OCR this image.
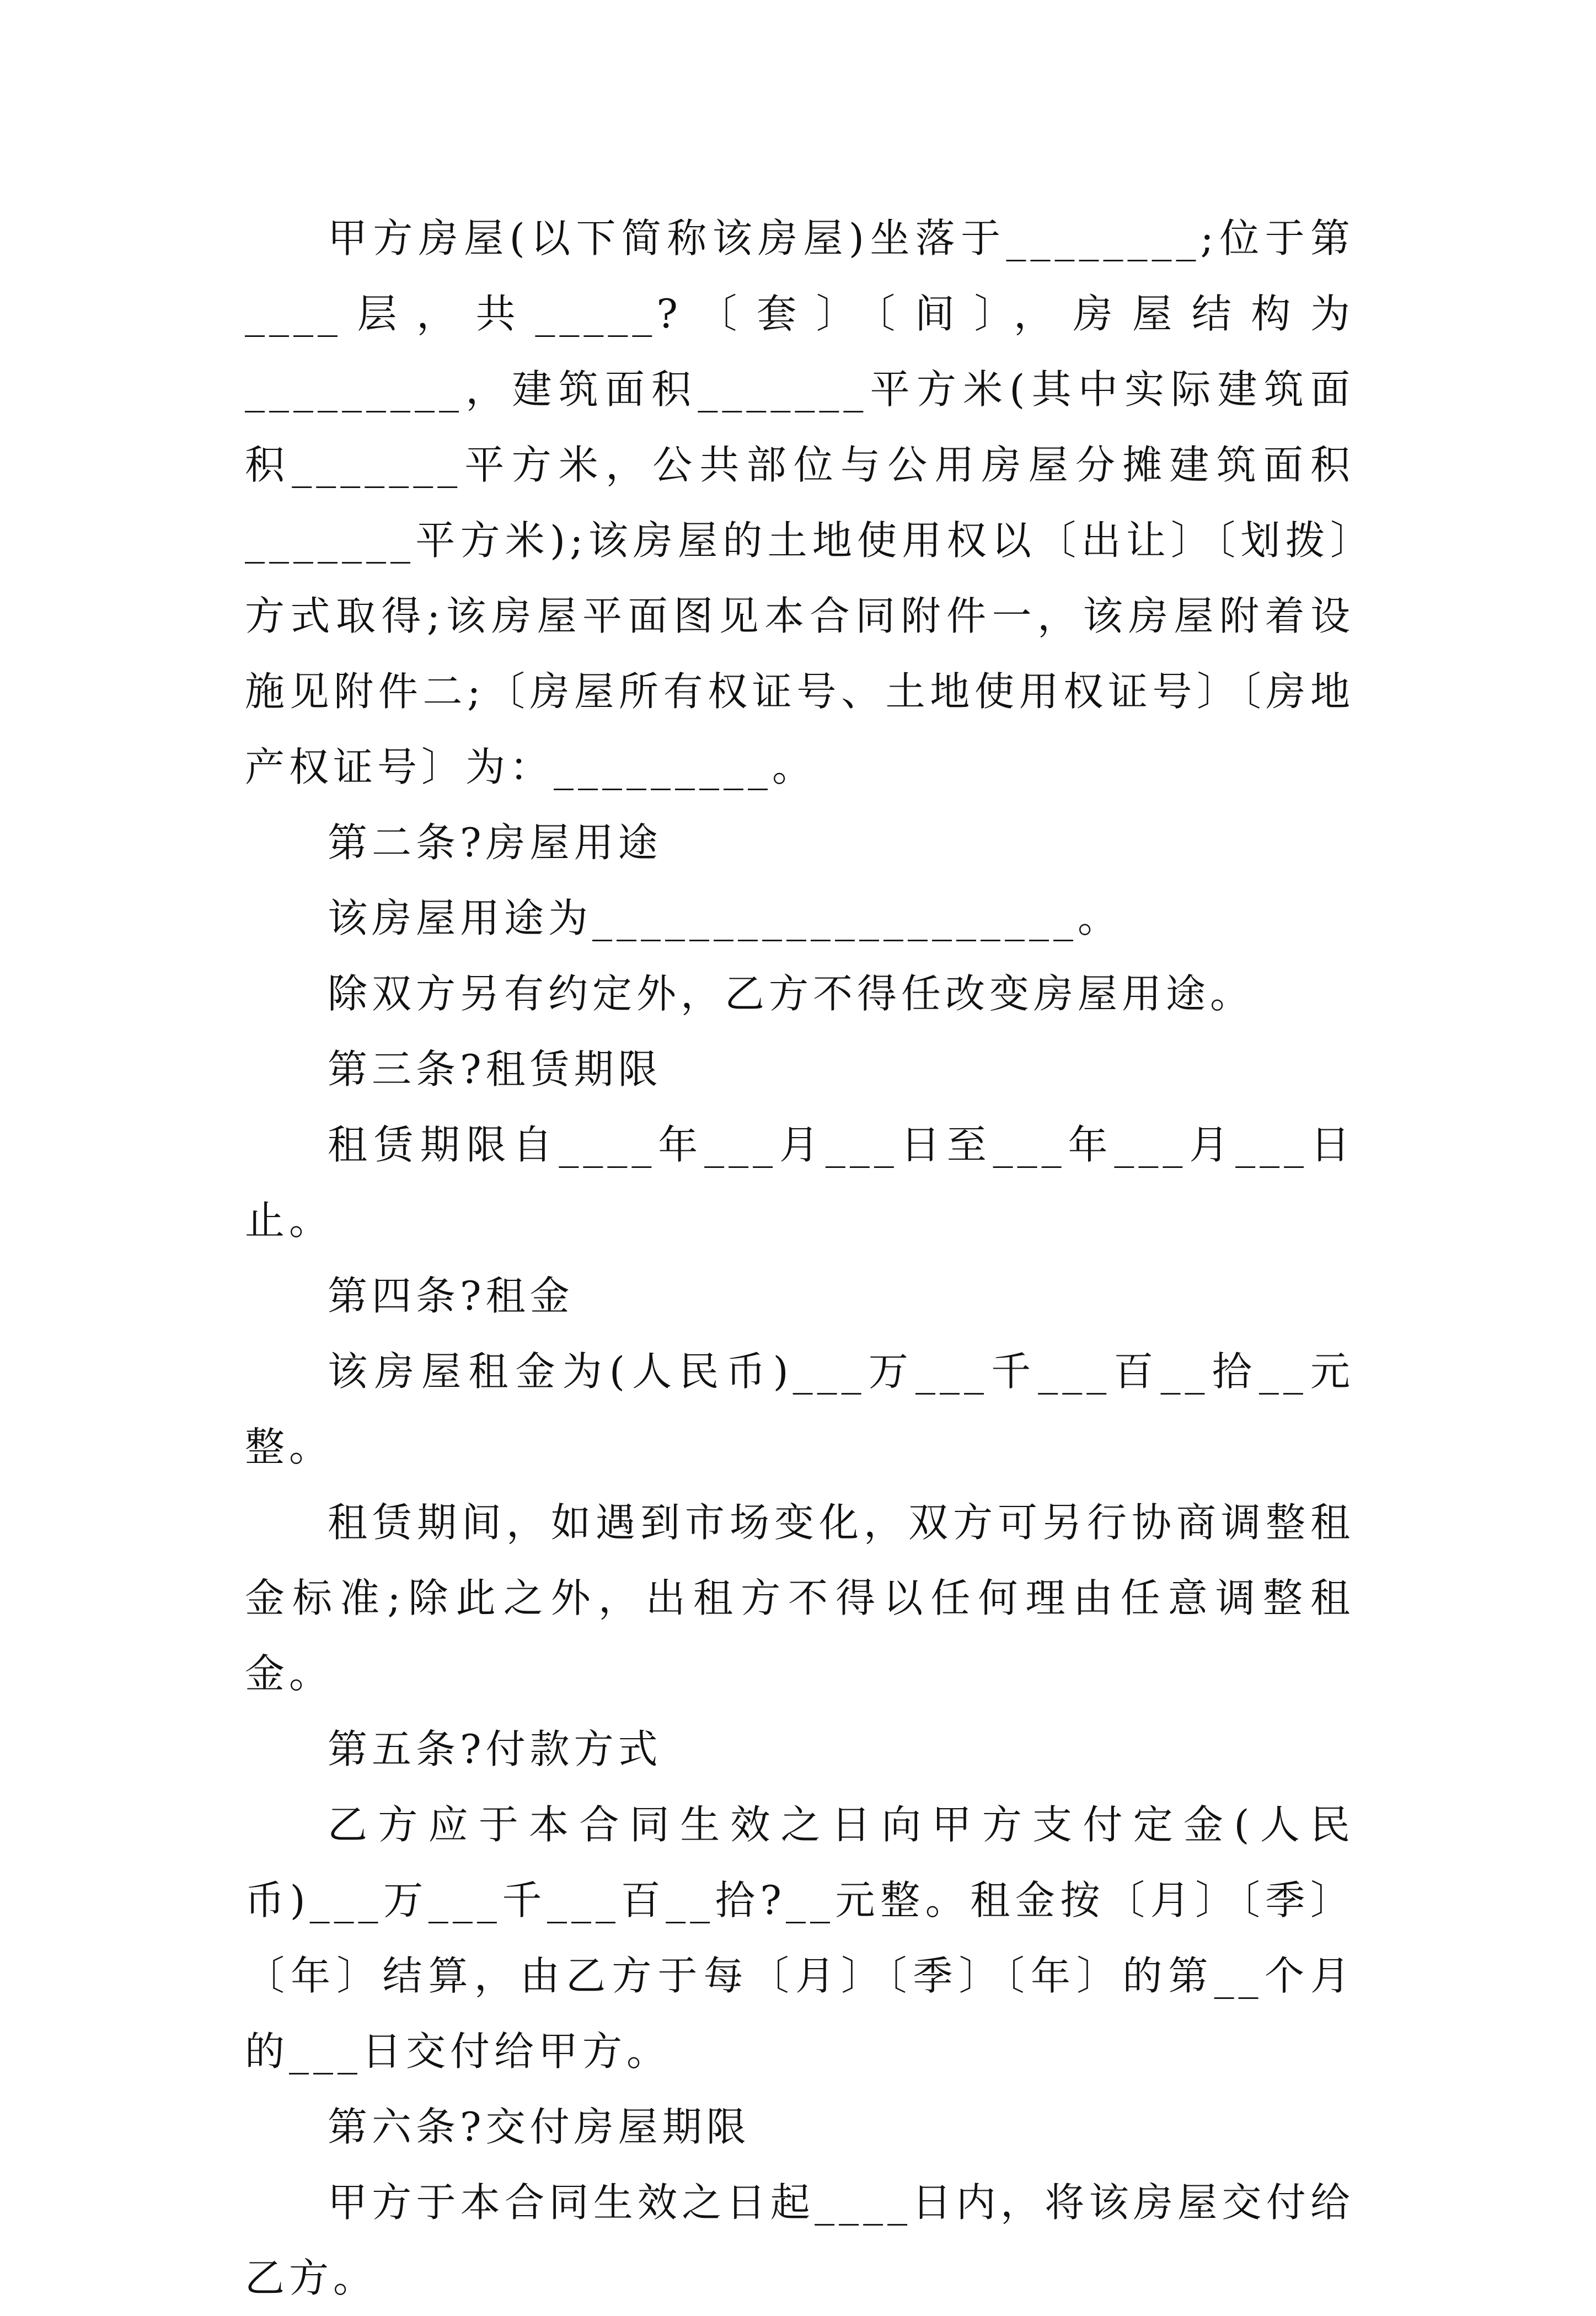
甲方房屋(以下简称该房屋)坐落于________;位于第____层，共_____?〔套〕〔间〕，房屋结构为_________，建筑面积_______平方米(其中实际建筑面积_______平方米，公共部位与公用房屋分摊建筑面积_______平方米);该房屋的土地使用权以〔出让〕〔划拨〕方式取得;该房屋平面图见本合同附件一，该房屋附着设施见附件二;〔房屋所有权证号、土地使用权证号〕〔房地产权证号〕为：_________。

第二条?房屋用途

该房屋用途为____________________。

除双方另有约定外，乙方不得任改变房屋用途。

第三条?租赁期限

租赁期限自____年___月___日至___年___月___日止。

第四条?租金

该房屋租金为(人民币)___万___千___百__拾__元整。

租赁期间，如遇到市场变化，双方可另行协商调整租金标准;除此之外，出租方不得以任何理由任意调整租金。

第五条?付款方式

乙方应于本合同生效之日向甲方支付定金(人民币)___万___千___百__拾?__元整。租金按〔月〕〔季〕〔年〕结算，由乙方于每〔月〕〔季〕〔年〕的第__个月的___日交付给甲方。

第六条?交付房屋期限

甲方于本合同生效之日起____日内，将该房屋交付给乙方。
